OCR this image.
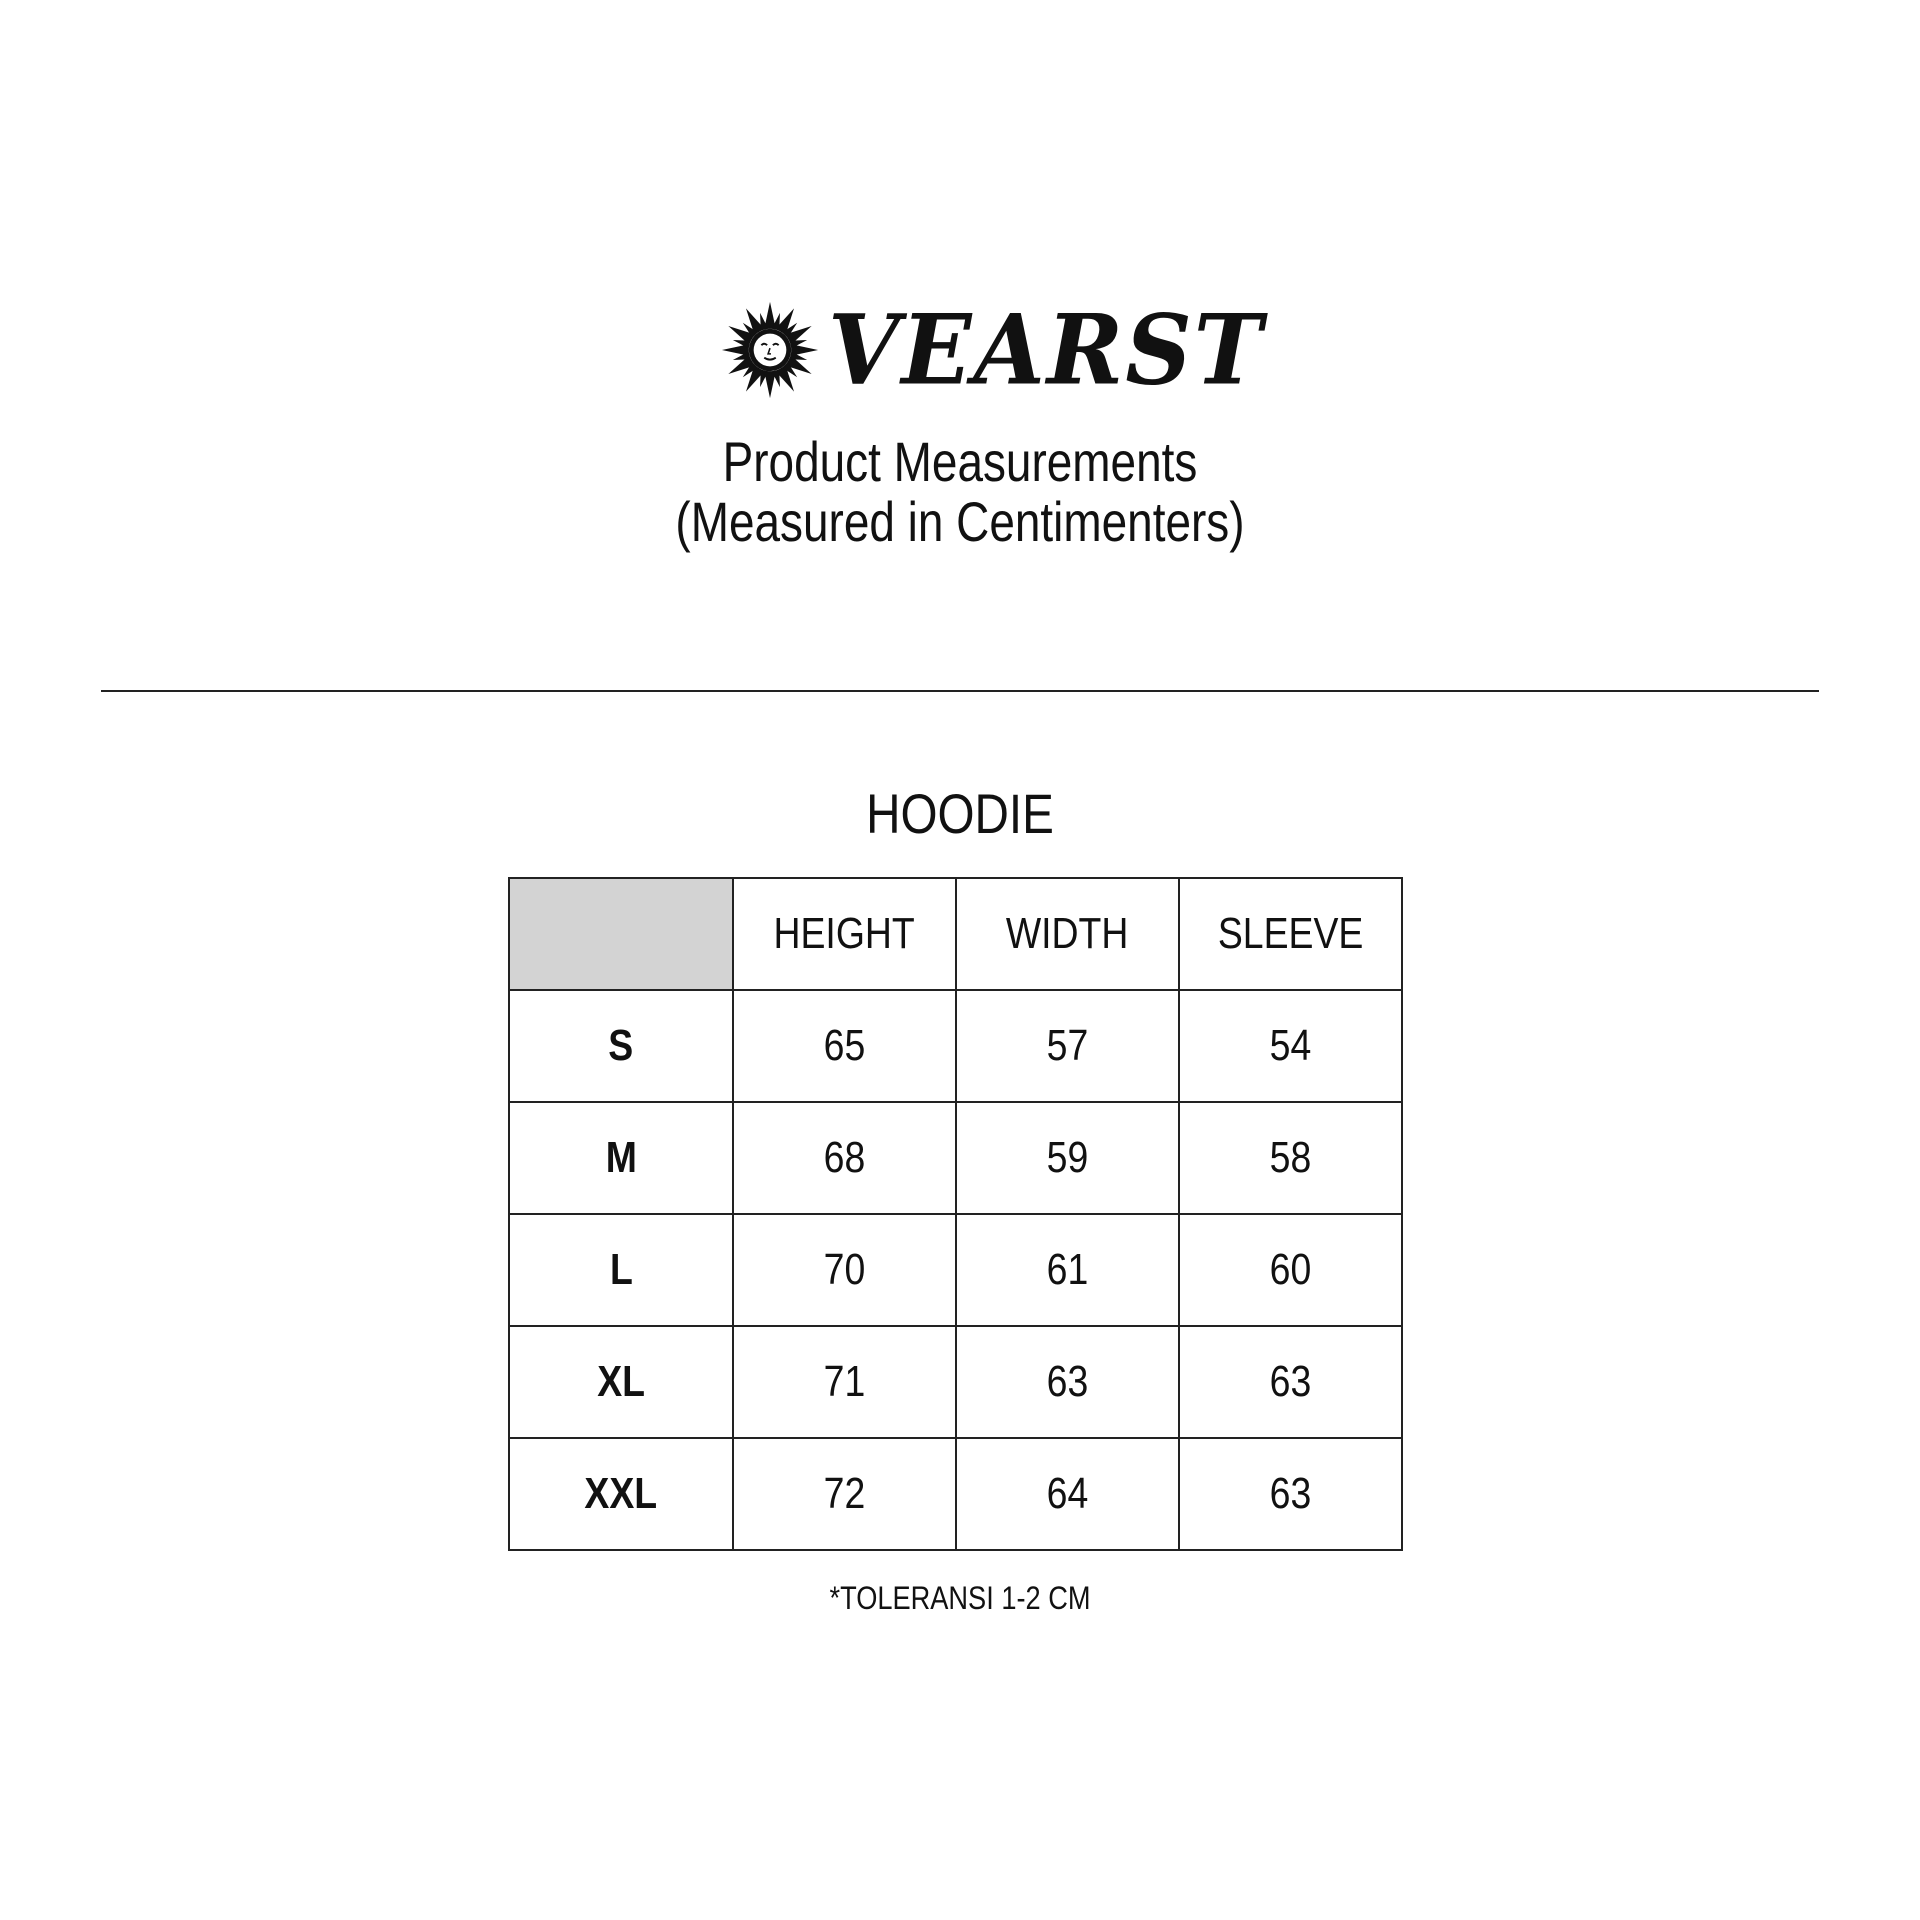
VEARST
Product Measurements
(Measured in Centimenters)
HOODIE
	HEIGHT	WIDTH	SLEEVE
S	65	57	54
M	68	59	58
L	70	61	60
XL	71	63	63
XXL	72	64	63
*TOLERANSI 1-2 CM
